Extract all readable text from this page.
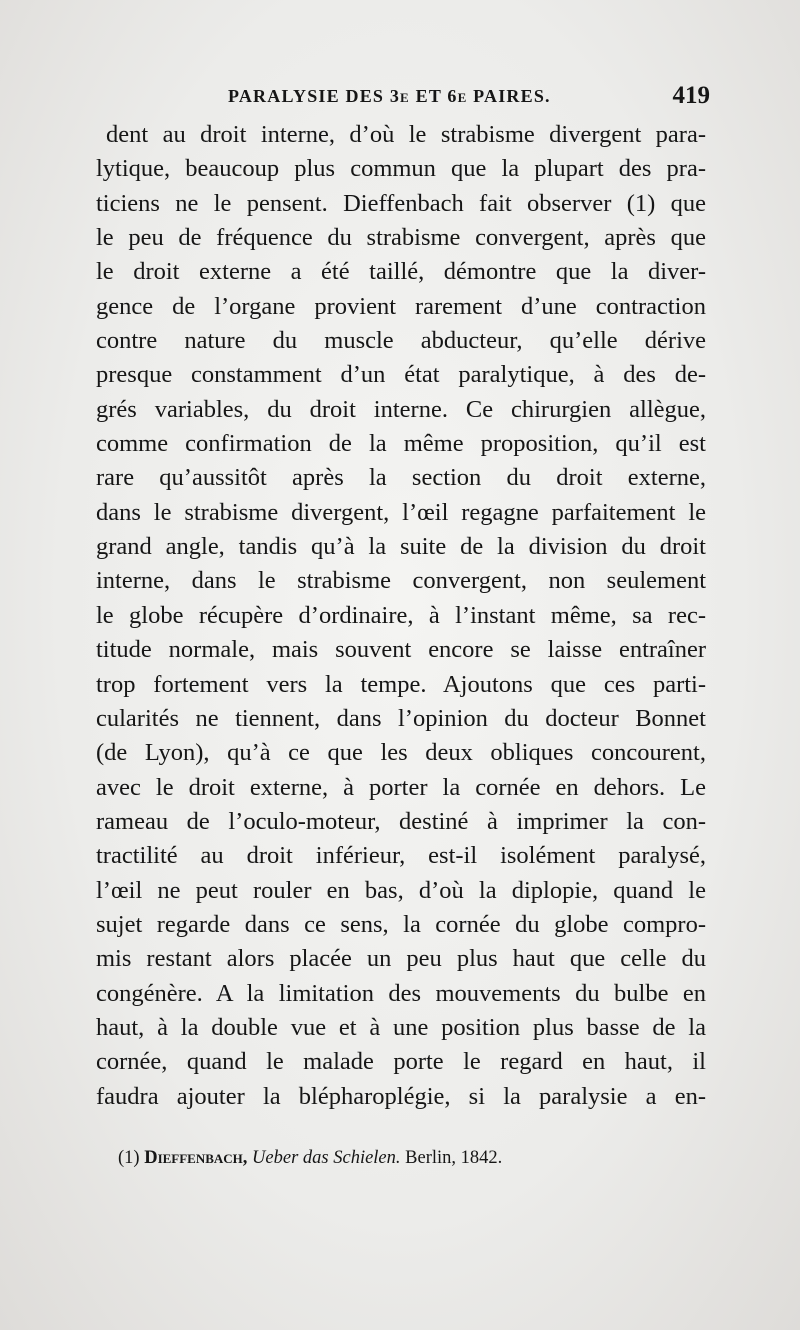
PARALYSIE DES 3e ET 6e PAIRES.	419
dent au droit interne, d’où le strabisme divergent para-
lytique, beaucoup plus commun que la plupart des pra-
ticiens ne le pensent. Dieffenbach fait observer (1) que
le peu de fréquence du strabisme convergent, après que
le droit externe a été taillé, démontre que la diver-
gence de l’organe provient rarement d’une contraction
contre nature du muscle abducteur, qu’elle dérive
presque constamment d’un état paralytique, à des de-
grés variables, du droit interne. Ce chirurgien allègue,
comme confirmation de la même proposition, qu’il est
rare qu’aussitôt après la section du droit externe,
dans le strabisme divergent, l’œil regagne parfaitement le
grand angle, tandis qu’à la suite de la division du droit
interne, dans le strabisme convergent, non seulement
le globe récupère d’ordinaire, à l’instant même, sa rec-
titude normale, mais souvent encore se laisse entraîner
trop fortement vers la tempe. Ajoutons que ces parti-
cularités ne tiennent, dans l’opinion du docteur Bonnet
(de Lyon), qu’à ce que les deux obliques concourent,
avec le droit externe, à porter la cornée en dehors. Le
rameau de l’oculo-moteur, destiné à imprimer la con-
tractilité au droit inférieur, est-il isolément paralysé,
l’œil ne peut rouler en bas, d’où la diplopie, quand le
sujet regarde dans ce sens, la cornée du globe compro-
mis restant alors placée un peu plus haut que celle du
congénère. A la limitation des mouvements du bulbe en
haut, à la double vue et à une position plus basse de la
cornée, quand le malade porte le regard en haut, il
faudra ajouter la blépharoplégie, si la paralysie a en-
(1) Dieffenbach, Ueber das Schielen. Berlin, 1842.
